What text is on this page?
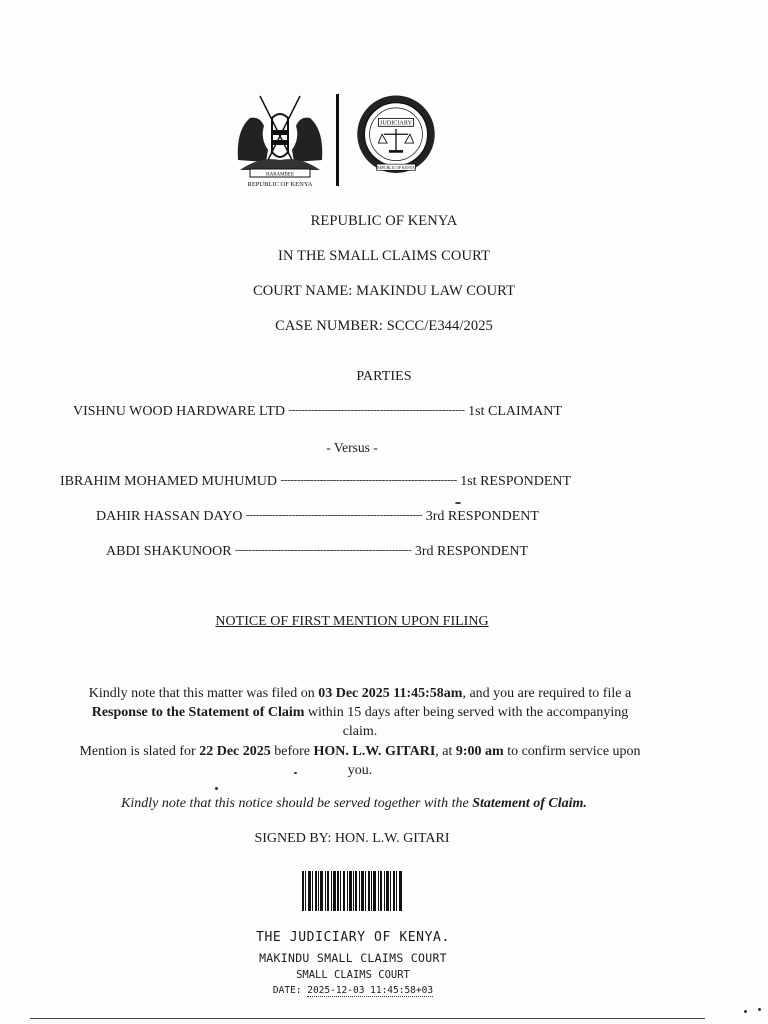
HARAMBEE
REPUBLIC OF KENYA
JUDICIARY
REPUBLIC OF KENYA
REPUBLIC OF KENYA
IN THE SMALL CLAIMS COURT
COURT NAME: MAKINDU LAW COURT
CASE NUMBER: SCCC/E344/2025
PARTIES
VISHNU WOOD HARDWARE LTD ------------------------------------------------------ 1st CLAIMANT
- Versus -
IBRAHIM MOHAMED MUHUMUD ------------------------------------------------------ 1st RESPONDENT
DAHIR HASSAN DAYO ------------------------------------------------------ 3rd RESPONDENT
ABDI SHAKUNOOR ------------------------------------------------------ 3rd RESPONDENT
NOTICE OF FIRST MENTION UPON FILING
Kindly note that this matter was filed on 03 Dec 2025 11:45:58am, and you are required to file a
Response to the Statement of Claim within 15 days after being served with the accompanying
claim.
Mention is slated for 22 Dec 2025 before HON. L.W. GITARI, at 9:00 am to confirm service upon
you.
Kindly note that this notice should be served together with the Statement of Claim.
SIGNED BY: HON. L.W. GITARI
THE JUDICIARY OF KENYA.
MAKINDU SMALL CLAIMS COURT
SMALL CLAIMS COURT
DATE: 2025-12-03 11:45:58+03
